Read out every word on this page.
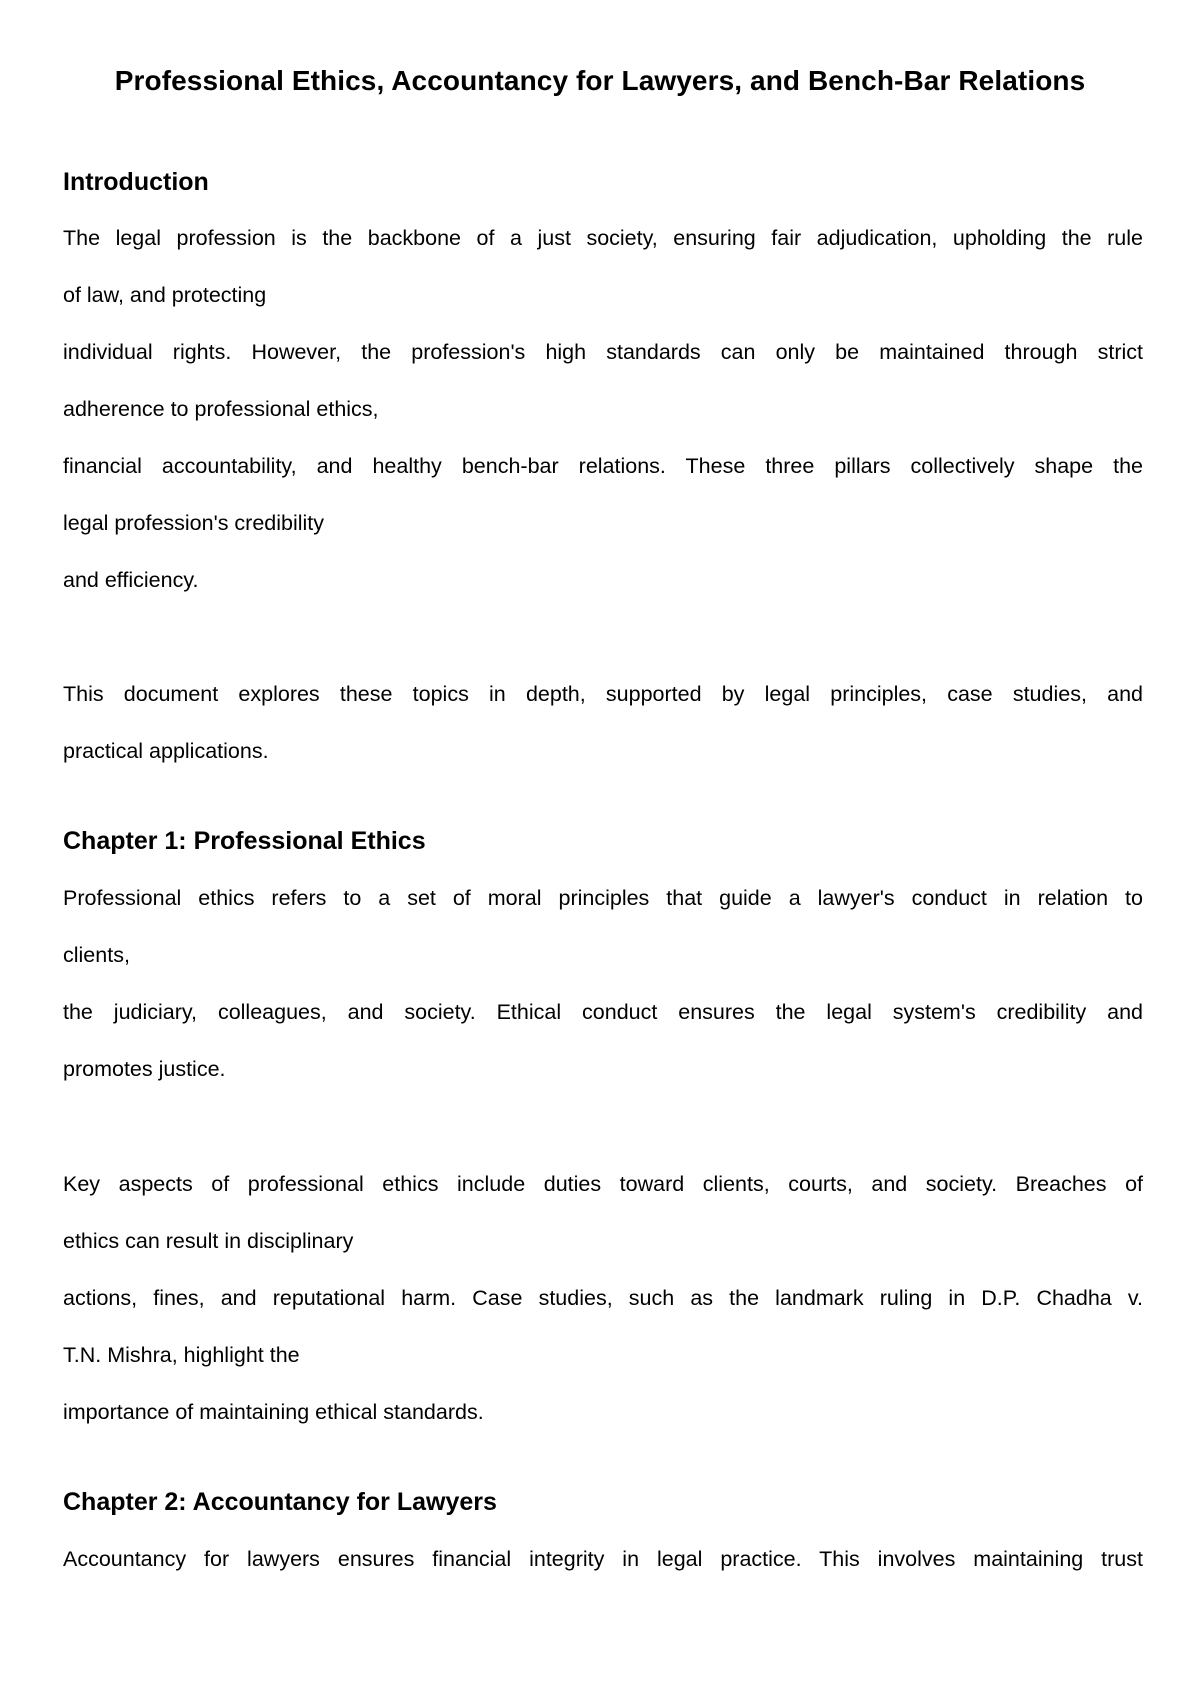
Professional Ethics, Accountancy for Lawyers, and Bench-Bar Relations
Introduction

The legal profession is the backbone of a just society, ensuring fair adjudication, upholding the rule

of law, and protecting

individual rights. However, the profession's high standards can only be maintained through strict

adherence to professional ethics,

financial accountability, and healthy bench-bar relations. These three pillars collectively shape the

legal profession's credibility

and efficiency.

This document explores these topics in depth, supported by legal principles, case studies, and

practical applications.

Chapter 1: Professional Ethics

Professional ethics refers to a set of moral principles that guide a lawyer's conduct in relation to

clients,

the judiciary, colleagues, and society. Ethical conduct ensures the legal system's credibility and

promotes justice.

Key aspects of professional ethics include duties toward clients, courts, and society. Breaches of

ethics can result in disciplinary

actions, fines, and reputational harm. Case studies, such as the landmark ruling in D.P. Chadha v.

T.N. Mishra, highlight the

importance of maintaining ethical standards.

Chapter 2: Accountancy for Lawyers

Accountancy for lawyers ensures financial integrity in legal practice. This involves maintaining trust
